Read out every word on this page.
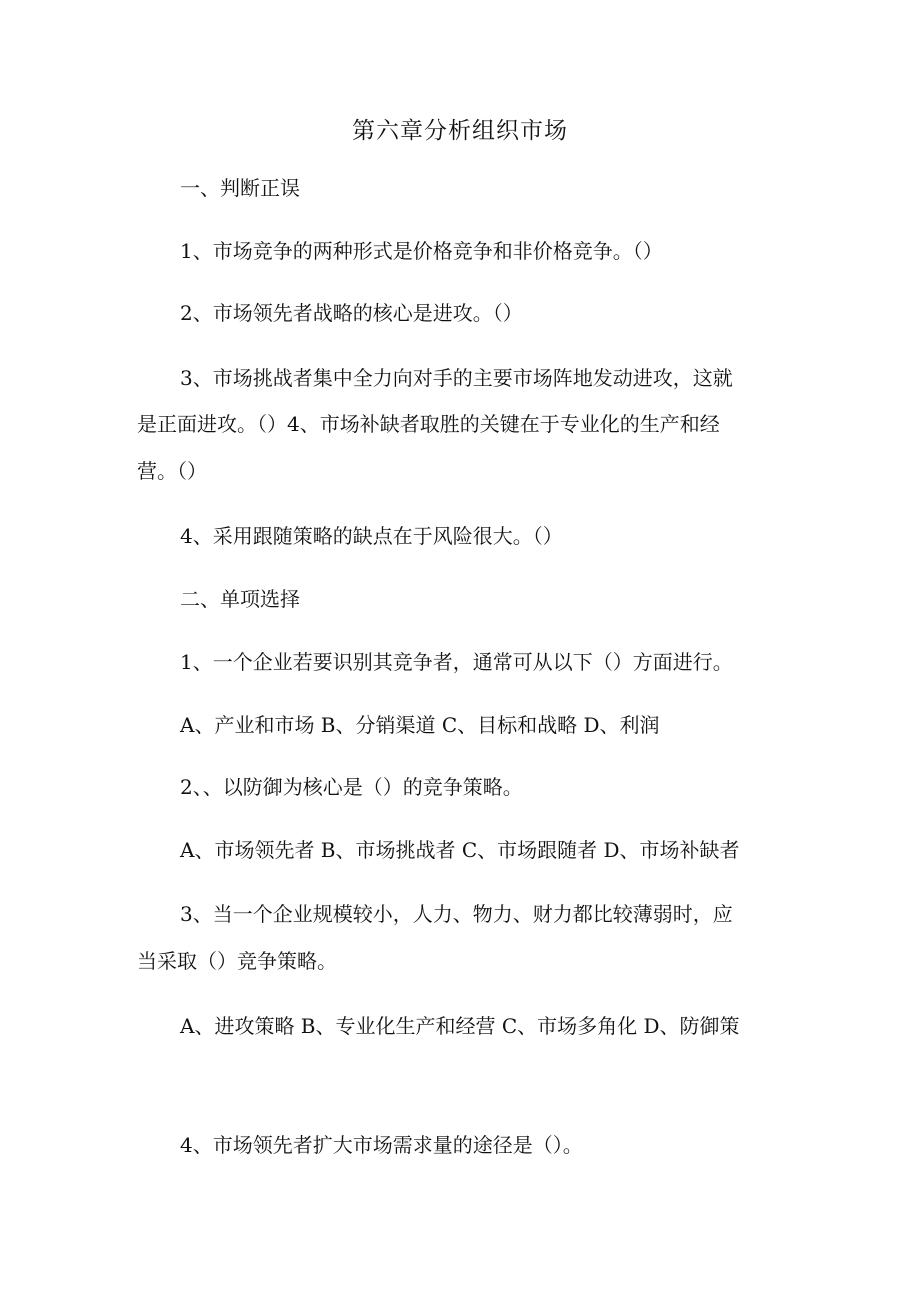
第六章分析组织市场
一、判断正误
1、市场竞争的两种形式是价格竞争和非价格竞争。（）
2、市场领先者战略的核心是进攻。（）
3、市场挑战者集中全力向对手的主要市场阵地发动进攻，这就
是正面进攻。（）4、市场补缺者取胜的关键在于专业化的生产和经
营。（）
4、采用跟随策略的缺点在于风险很大。（）
二、单项选择
1、一个企业若要识别其竞争者，通常可从以下（）方面进行。
A、产业和市场 B、分销渠道 C、目标和战略 D、利润
2、、以防御为核心是（）的竞争策略。
A、市场领先者 B、市场挑战者 C、市场跟随者 D、市场补缺者
3、当一个企业规模较小，人力、物力、财力都比较薄弱时，应
当采取（）竞争策略。
A、进攻策略 B、专业化生产和经营 C、市场多角化 D、防御策
4、市场领先者扩大市场需求量的途径是（）。
